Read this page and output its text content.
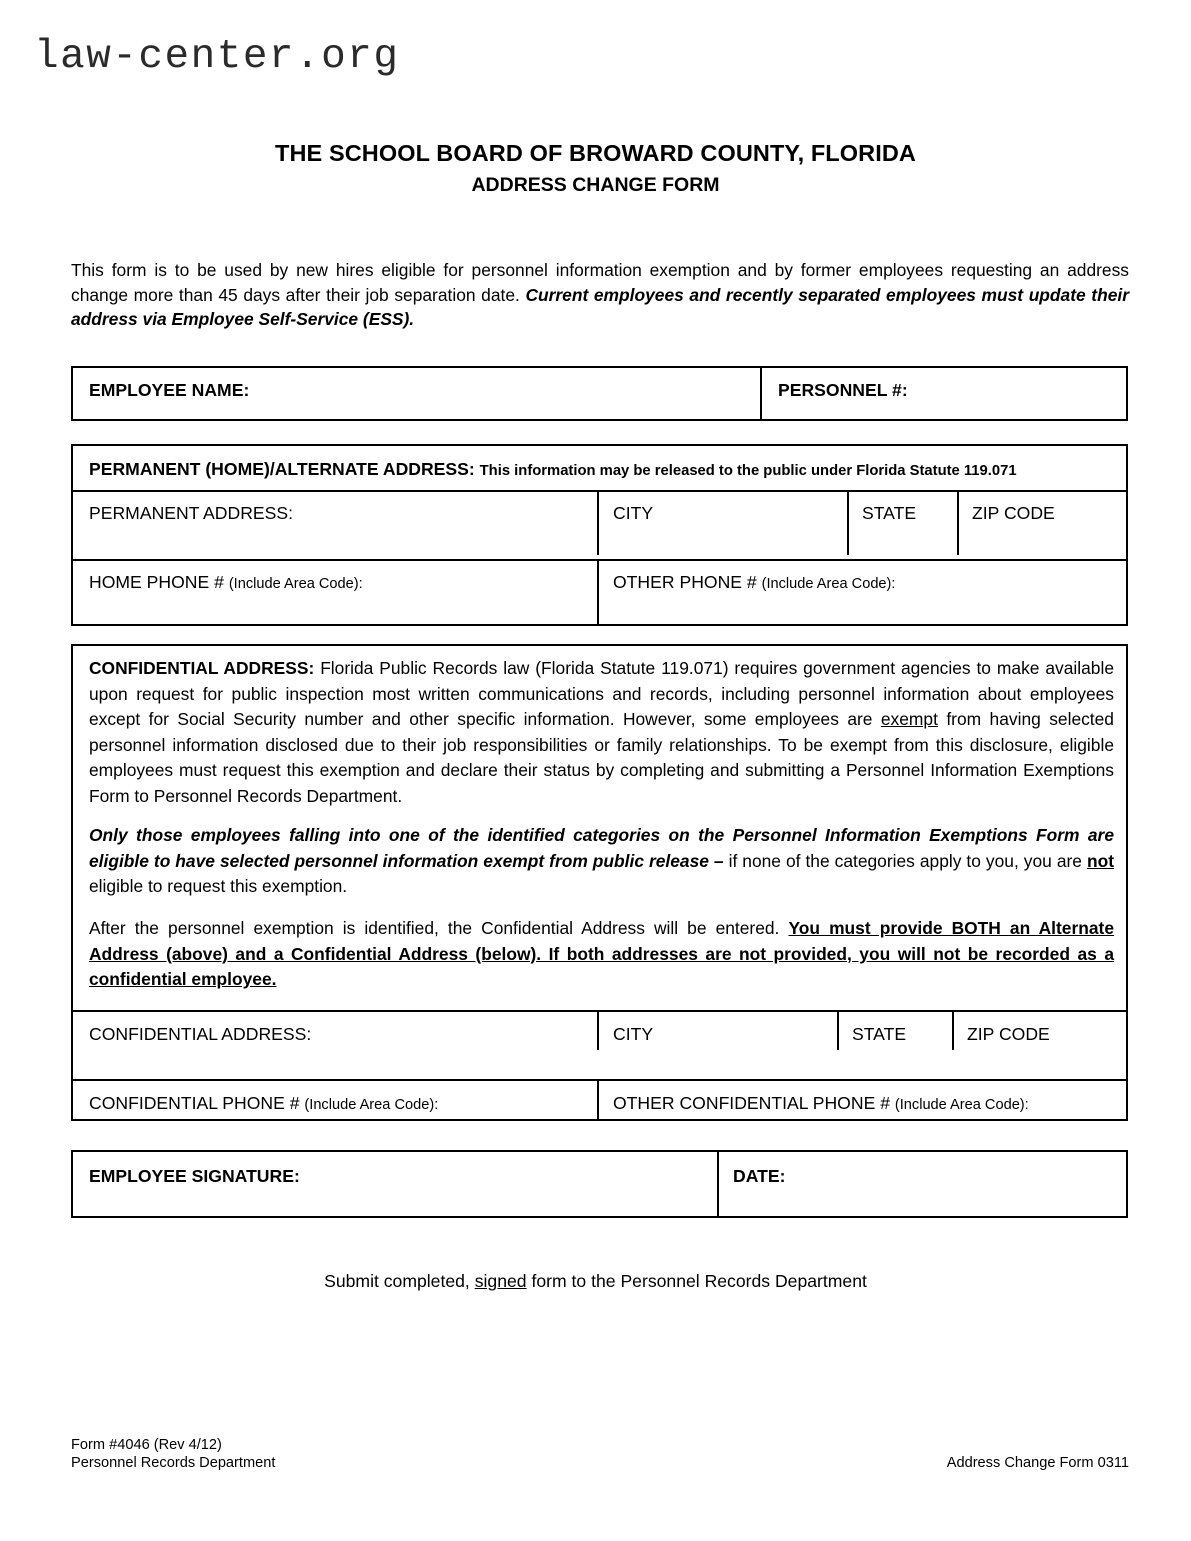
law-center.org
THE SCHOOL BOARD OF BROWARD COUNTY, FLORIDA
ADDRESS CHANGE FORM
This form is to be used by new hires eligible for personnel information exemption and by former employees requesting an address change more than 45 days after their job separation date. Current employees and recently separated employees must update their address via Employee Self-Service (ESS).
EMPLOYEE NAME:	PERSONNEL #:
PERMANENT (HOME)/ALTERNATE ADDRESS: This information may be released to the public under Florida Statute 119.071
PERMANENT ADDRESS:	CITY	STATE	ZIP CODE
HOME PHONE # (Include Area Code):	OTHER PHONE # (Include Area Code):
CONFIDENTIAL ADDRESS: Florida Public Records law (Florida Statute 119.071) requires government agencies to make available upon request for public inspection most written communications and records, including personnel information about employees except for Social Security number and other specific information. However, some employees are exempt from having selected personnel information disclosed due to their job responsibilities or family relationships. To be exempt from this disclosure, eligible employees must request this exemption and declare their status by completing and submitting a Personnel Information Exemptions Form to Personnel Records Department.
Only those employees falling into one of the identified categories on the Personnel Information Exemptions Form are eligible to have selected personnel information exempt from public release – if none of the categories apply to you, you are not eligible to request this exemption.
After the personnel exemption is identified, the Confidential Address will be entered. You must provide BOTH an Alternate Address (above) and a Confidential Address (below). If both addresses are not provided, you will not be recorded as a confidential employee.
CONFIDENTIAL ADDRESS:	CITY	STATE	ZIP CODE
CONFIDENTIAL PHONE # (Include Area Code):	OTHER CONFIDENTIAL PHONE # (Include Area Code):
EMPLOYEE SIGNATURE:	DATE:
Submit completed, signed form to the Personnel Records Department
Form #4046 (Rev 4/12)
Personnel Records Department	Address Change Form 0311
